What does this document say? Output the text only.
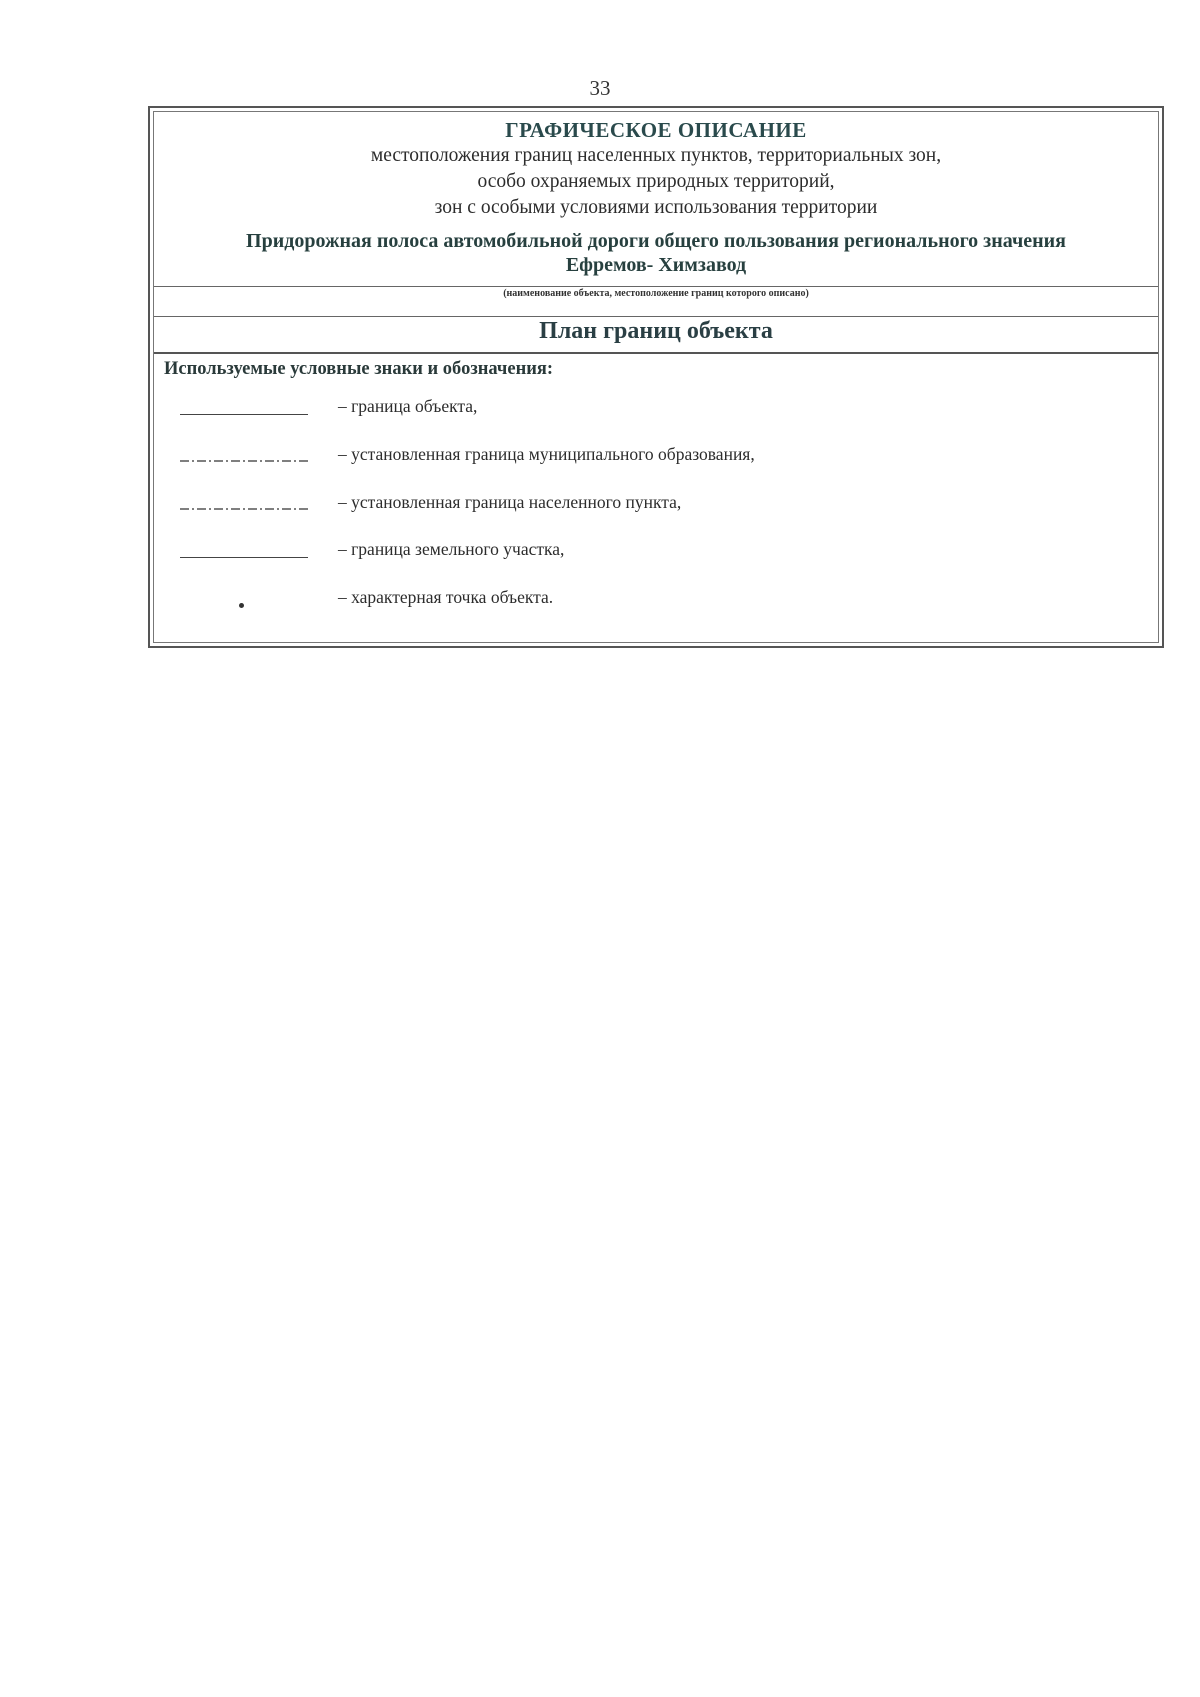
33
ГРАФИЧЕСКОЕ ОПИСАНИЕ
местоположения границ населенных пунктов, территориальных зон,
особо охраняемых природных территорий,
зон с особыми условиями использования территории
Придорожная полоса автомобильной дороги общего пользования регионального значения
Ефремов- Химзавод
(наименование объекта, местоположение границ которого описано)
План границ объекта
Используемые условные знаки и обозначения:
– граница объекта,
– установленная граница муниципального образования,
– установленная граница населенного пункта,
– граница земельного участка,
– характерная точка объекта.
